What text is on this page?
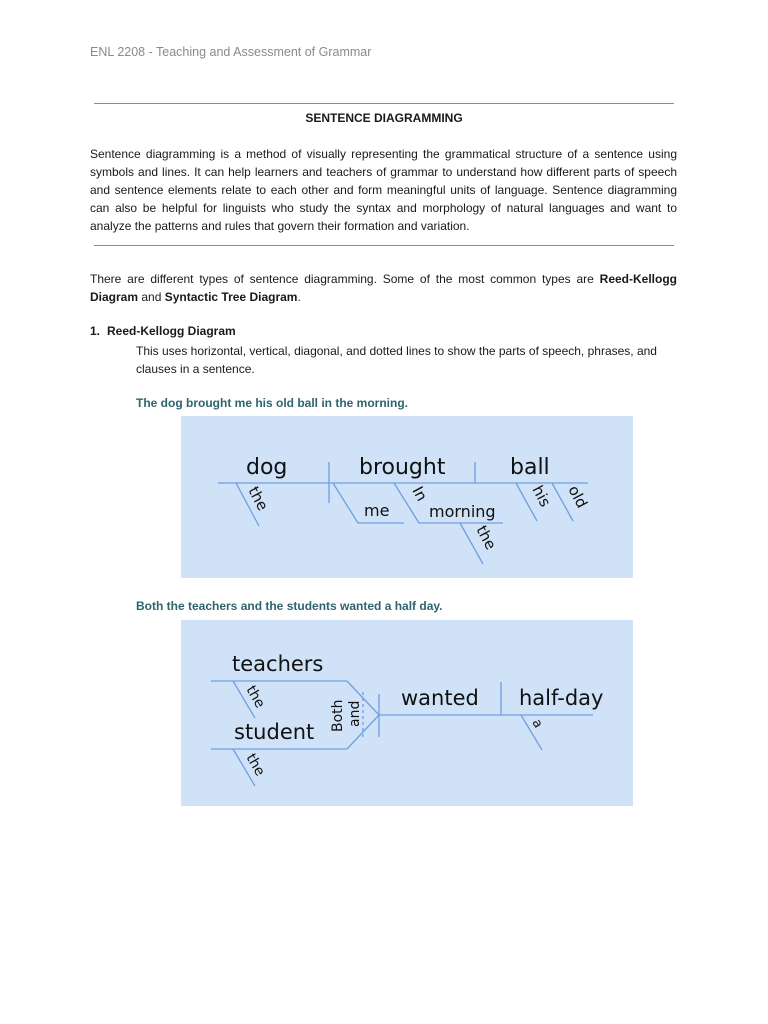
ENL 2208 - Teaching and Assessment of Grammar
SENTENCE DIAGRAMMING

Sentence diagramming is a method of visually representing the grammatical structure of a sentence using symbols and lines. It can help learners and teachers of grammar to understand how different parts of speech and sentence elements relate to each other and form meaningful units of language. Sentence diagramming can also be helpful for linguists who study the syntax and morphology of natural languages and want to analyze the patterns and rules that govern their formation and variation.

There are different types of sentence diagramming. Some of the most common types are Reed-Kellogg Diagram and Syntactic Tree Diagram.

1. Reed-Kellogg Diagram

This uses horizontal, vertical, diagonal, and dotted lines to show the parts of speech, phrases, and clauses in a sentence.

The dog brought me his old ball in the morning.
dog	brought	ball
the	me
In
morning
the
his old
Both the teachers and the students wanted a half day.
teachers
student
the
the
Both and
wanted half-day
a
